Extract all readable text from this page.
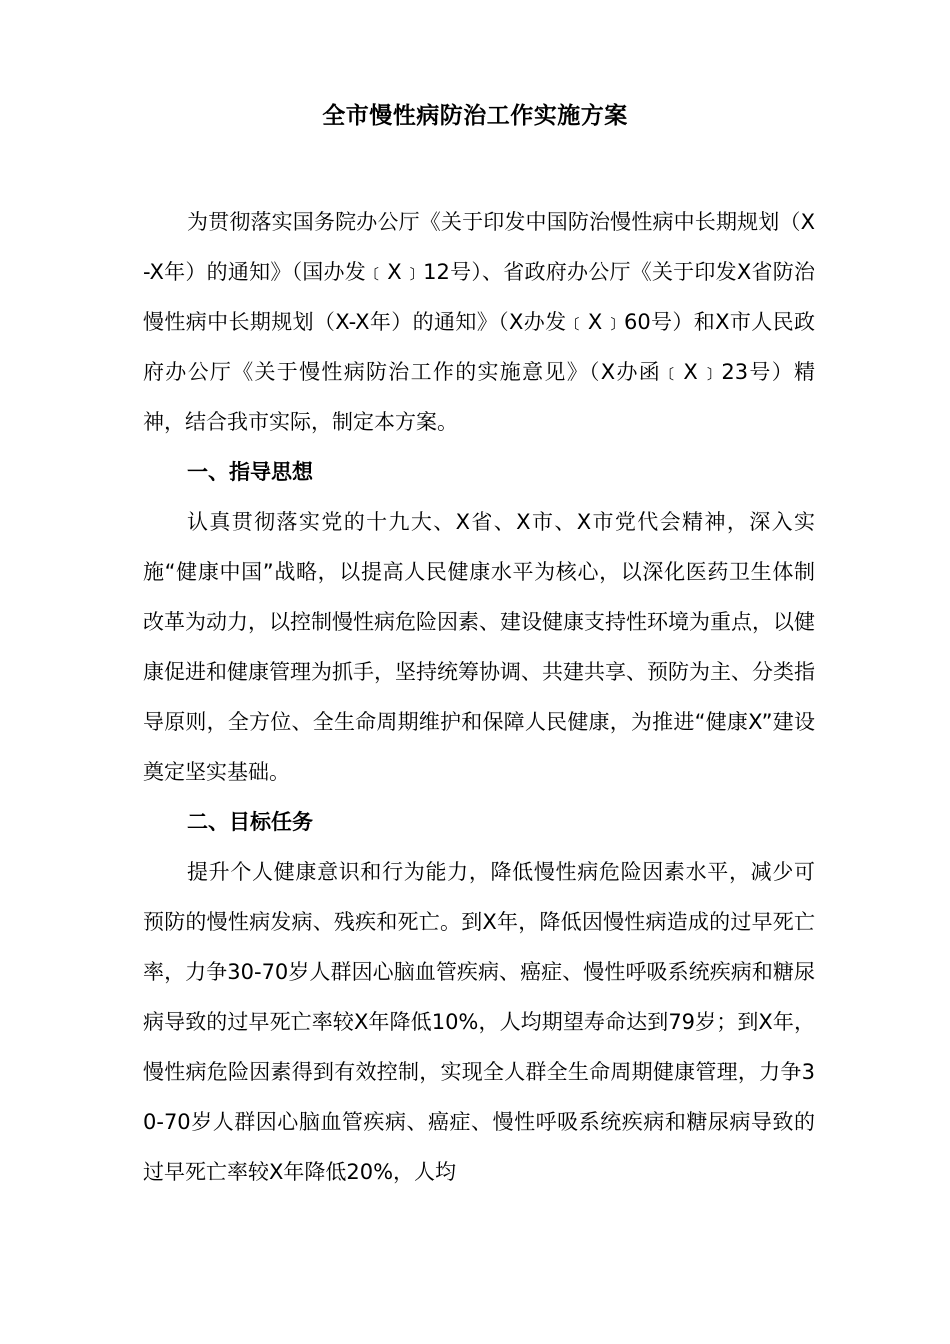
全市慢性病防治工作实施方案

为贯彻落实国务院办公厅《关于印发中国防治慢性病中长期规划（X-X年）的通知》（国办发﹝X﹞12号）、省政府办公厅《关于印发X省防治慢性病中长期规划（X-X年）的通知》（X办发﹝X﹞60号）和X市人民政府办公厅《关于慢性病防治工作的实施意见》（X办函﹝X﹞23号）精神，结合我市实际，制定本方案。

一、指导思想

认真贯彻落实党的十九大、X省、X市、X市党代会精神，深入实施“健康中国”战略，以提高人民健康水平为核心，以深化医药卫生体制改革为动力，以控制慢性病危险因素、建设健康支持性环境为重点，以健康促进和健康管理为抓手，坚持统筹协调、共建共享、预防为主、分类指导原则，全方位、全生命周期维护和保障人民健康，为推进“健康X”建设奠定坚实基础。

二、目标任务

提升个人健康意识和行为能力，降低慢性病危险因素水平，减少可预防的慢性病发病、残疾和死亡。到X年，降低因慢性病造成的过早死亡率，力争30-70岁人群因心脑血管疾病、癌症、慢性呼吸系统疾病和糖尿病导致的过早死亡率较X年降低10%，人均期望寿命达到79岁；到X年，慢性病危险因素得到有效控制，实现全人群全生命周期健康管理，力争30-70岁人群因心脑血管疾病、癌症、慢性呼吸系统疾病和糖尿病导致的过早死亡率较X年降低20%，人均
